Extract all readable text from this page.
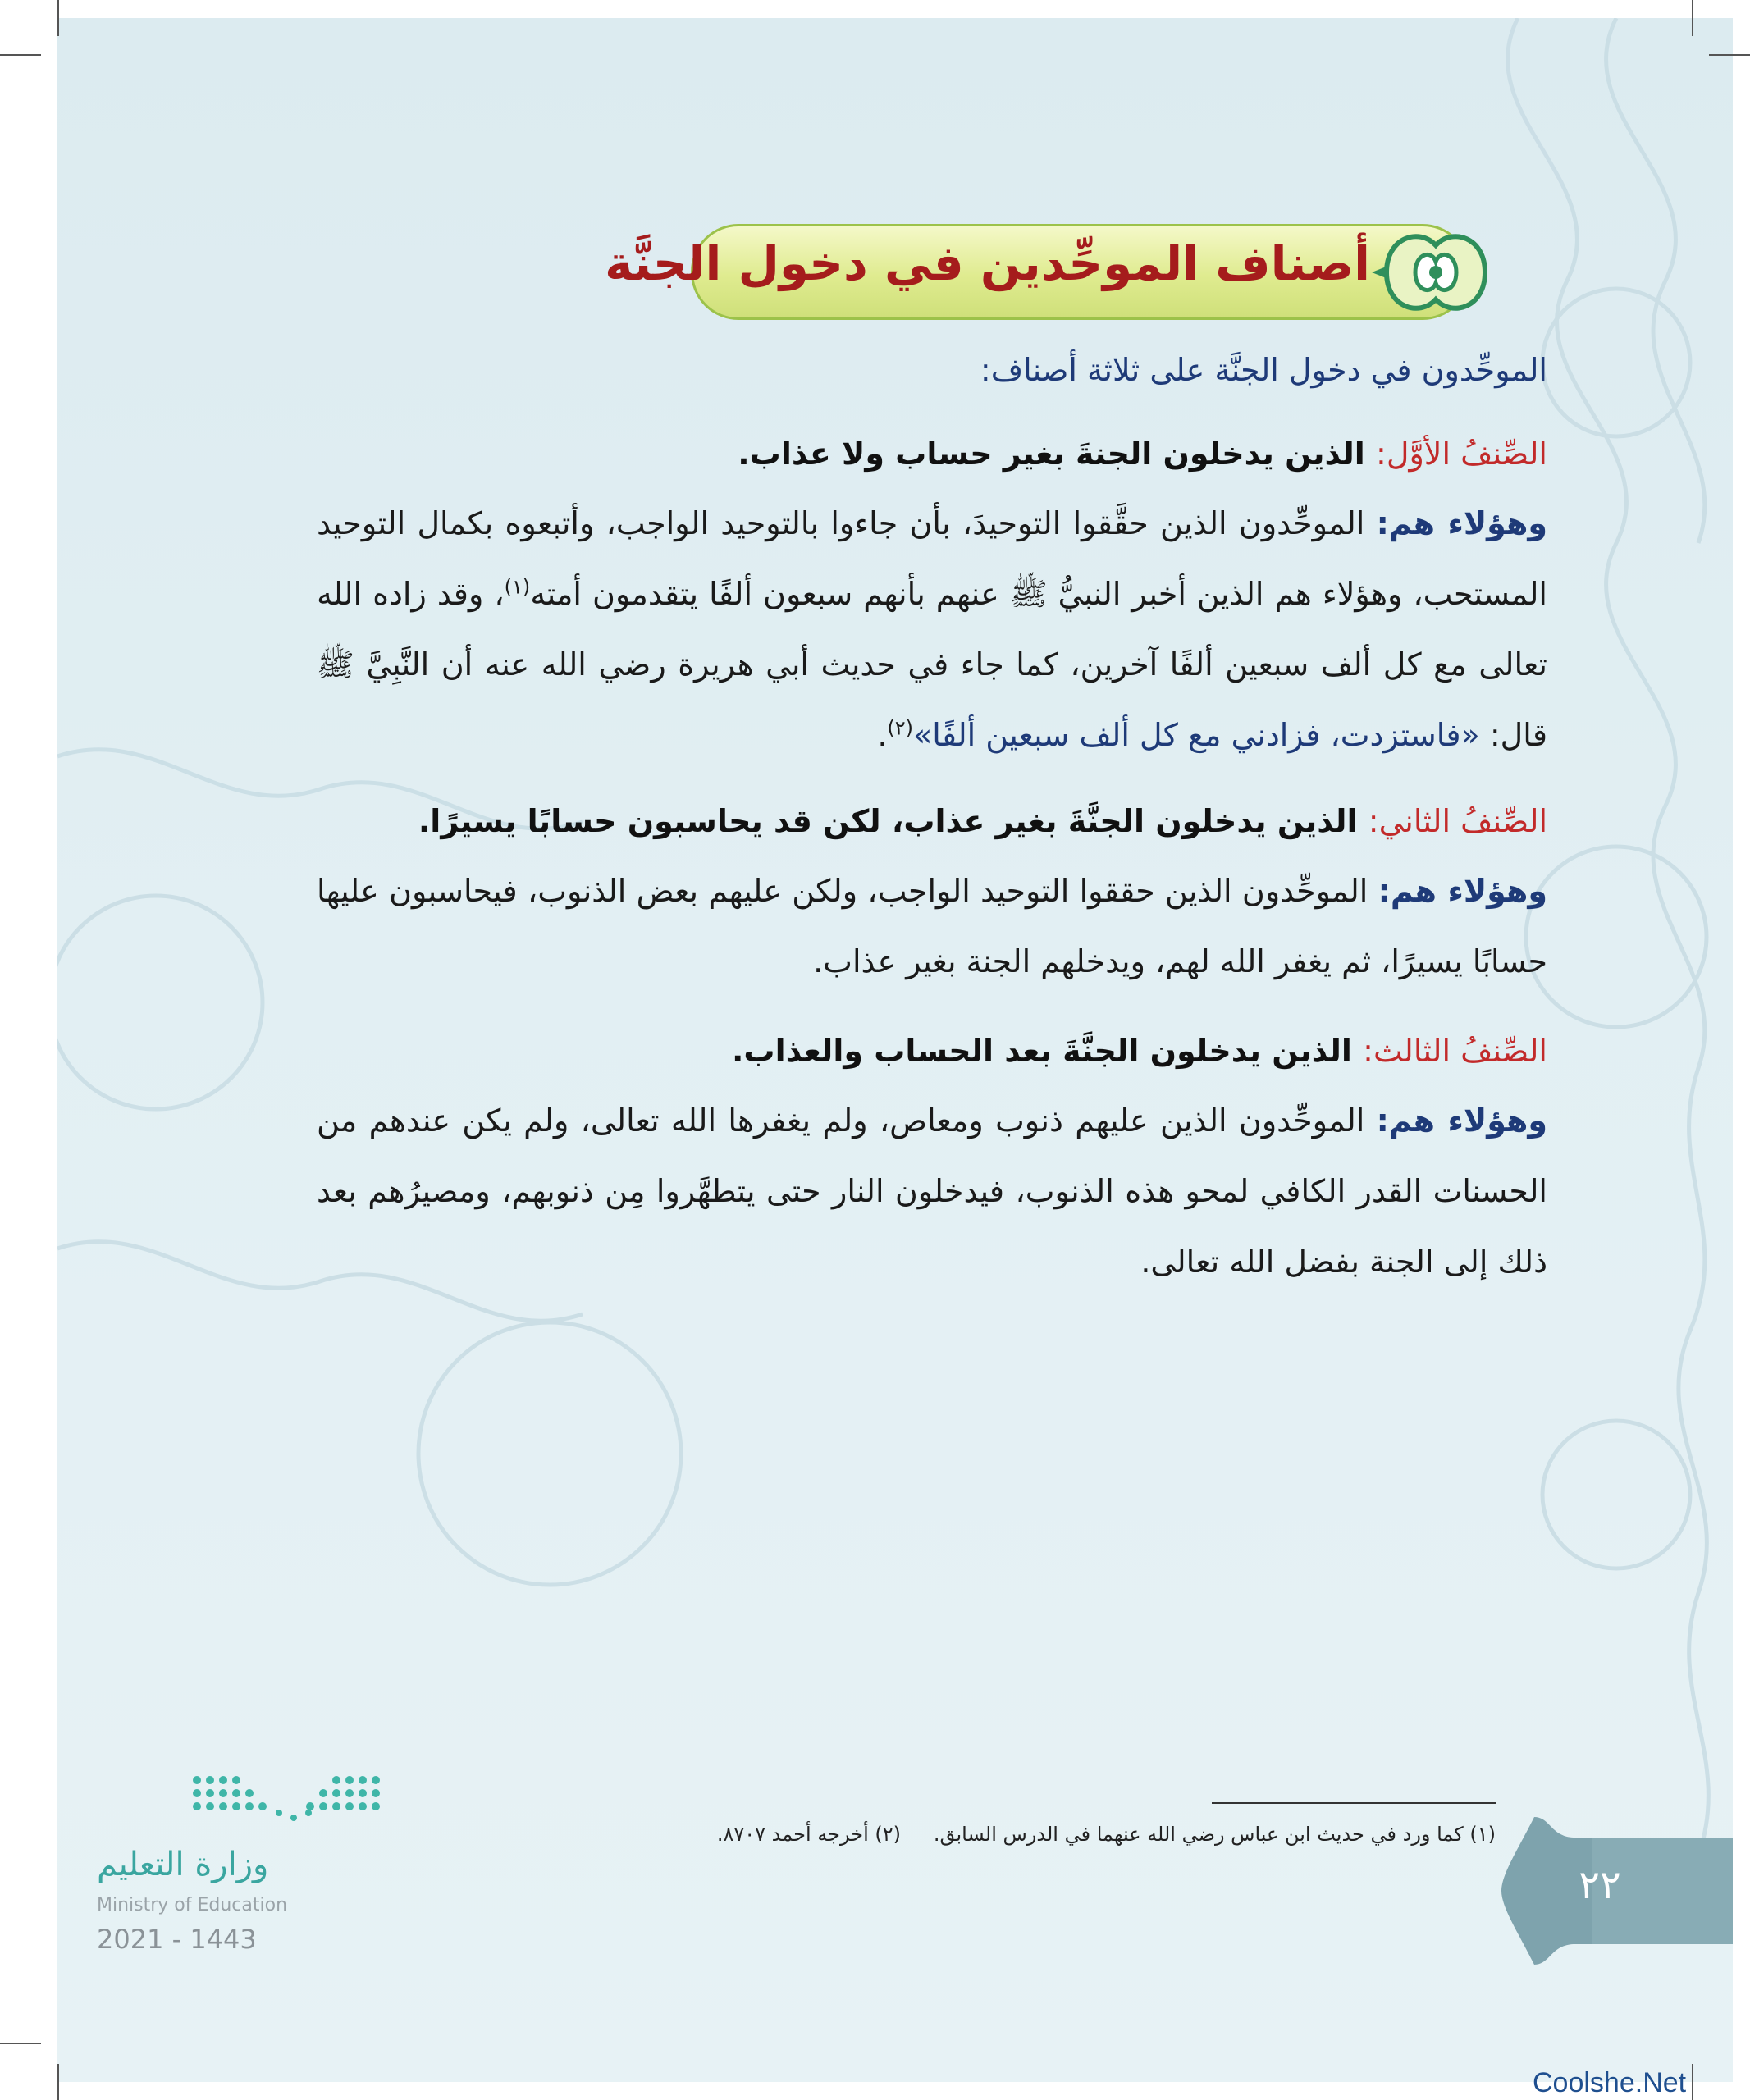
أصناف الموحِّدين في دخول الجنَّة
الموحِّدون في دخول الجنَّة على ثلاثة أصناف:
الصِّنفُ الأوَّل: الذين يدخلون الجنةَ بغير حساب ولا عذاب.
وهؤلاء هم: الموحِّدون الذين حقَّقوا التوحيدَ، بأن جاءوا بالتوحيد الواجب، وأتبعوه بكمال التوحيد المستحب، وهؤلاء هم الذين أخبر النبيُّ ﷺ عنهم بأنهم سبعون ألفًا يتقدمون أمته$^{(١)}$، وقد زاده الله تعالى مع كل ألف سبعين ألفًا آخرين، كما جاء في حديث أبي هريرة رضي الله عنه أن النَّبِيَّ ﷺ قال: «فاستزدت، فزادني مع كل ألف سبعين ألفًا»$^{(٢)}$.
الصِّنفُ الثاني: الذين يدخلون الجنَّةَ بغير عذاب، لكن قد يحاسبون حسابًا يسيرًا.
وهؤلاء هم: الموحِّدون الذين حققوا التوحيد الواجب، ولكن عليهم بعض الذنوب، فيحاسبون عليها حسابًا يسيرًا، ثم يغفر الله لهم، ويدخلهم الجنة بغير عذاب.
الصِّنفُ الثالث: الذين يدخلون الجنَّةَ بعد الحساب والعذاب.
وهؤلاء هم: الموحِّدون الذين عليهم ذنوب ومعاص، ولم يغفرها الله تعالى، ولم يكن عندهم من الحسنات القدر الكافي لمحو هذه الذنوب، فيدخلون النار حتى يتطهَّروا مِن ذنوبهم، ومصيرُهم بعد ذلك إلى الجنة بفضل الله تعالى.
(١) كما ورد في حديث ابن عباس رضي الله عنهما في الدرس السابق.
(٢) أخرجه أحمد ٨٧٠٧.
٢٢
وزارة التعليم
Ministry of Education
2021 - 1443
Coolshe.Net
